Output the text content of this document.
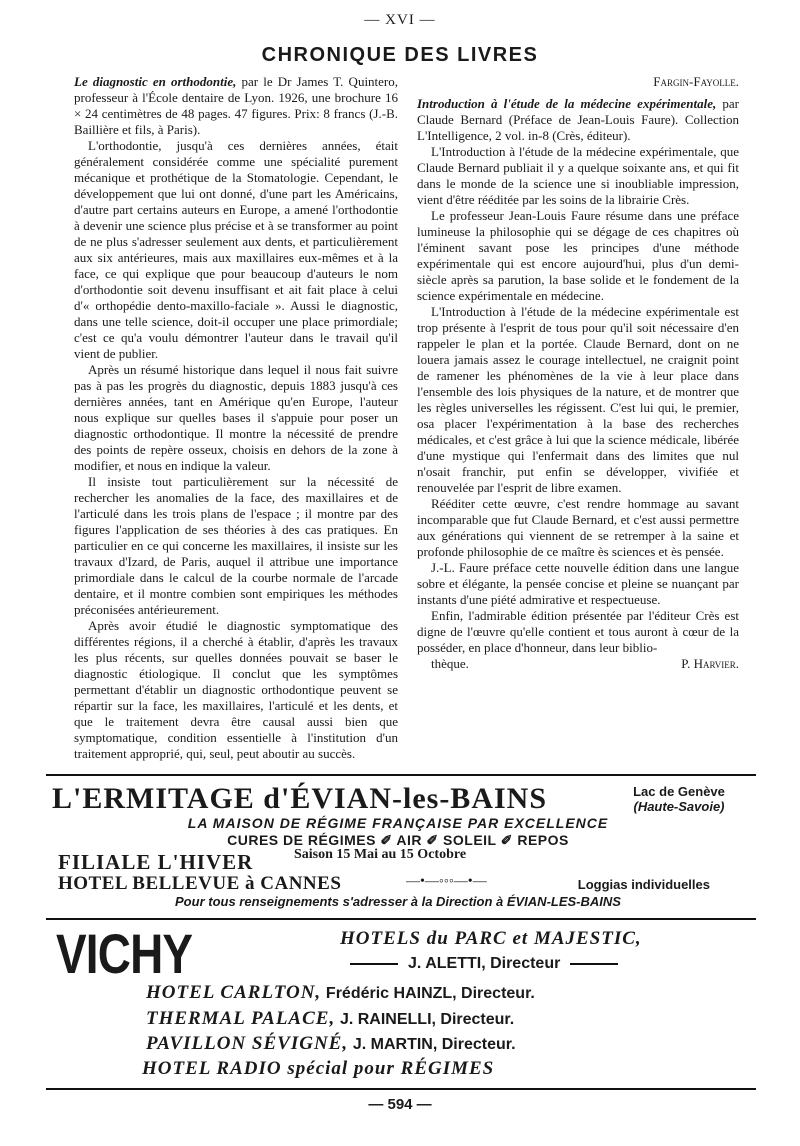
— XVI —
CHRONIQUE DES LIVRES

Le diagnostic en orthodontie, par le Dr James T. Quintero, professeur à l'École dentaire de Lyon. 1926, une brochure 16 × 24 centimètres de 48 pages. 47 figures. Prix: 8 francs (J.-B. Baillière et fils, à Paris).

L'orthodontie, jusqu'à ces dernières années, était généralement considérée comme une spécialité purement mécanique et prothétique de la Stomatologie. Cependant, le développement que lui ont donné, d'une part les Américains, d'autre part certains auteurs en Europe, a amené l'orthodontie à devenir une science plus précise et à se transformer au point de ne plus s'adresser seulement aux dents, et particulièrement aux six antérieures, mais aux maxillaires eux-mêmes et à la face, ce qui explique que pour beaucoup d'auteurs le nom d'orthodontie soit devenu insuffisant et ait fait place à celui d'« orthopédie dento-maxillo-faciale ». Aussi le diagnostic, dans une telle science, doit-il occuper une place primordiale; c'est ce qu'a voulu démontrer l'auteur dans le travail qu'il vient de publier.

Après un résumé historique dans lequel il nous fait suivre pas à pas les progrès du diagnostic, depuis 1883 jusqu'à ces dernières années, tant en Amérique qu'en Europe, l'auteur nous explique sur quelles bases il s'appuie pour poser un diagnostic orthodontique. Il montre la nécessité de prendre des points de repère osseux, choisis en dehors de la zone à modifier, et nous en indique la valeur.

Il insiste tout particulièrement sur la nécessité de rechercher les anomalies de la face, des maxillaires et de l'articulé dans les trois plans de l'espace ; il montre par des figures l'application de ses théories à des cas pratiques. En particulier en ce qui concerne les maxillaires, il insiste sur les travaux d'Izard, de Paris, auquel il attribue une importance primordiale dans le calcul de la courbe normale de l'arcade dentaire, et il montre combien sont empiriques les méthodes préconisées antérieurement.

Après avoir étudié le diagnostic symptomatique des différentes régions, il a cherché à établir, d'après les travaux les plus récents, sur quelles données pouvait se baser le diagnostic étiologique. Il conclut que les symptômes permettant d'établir un diagnostic orthodontique peuvent se répartir sur la face, les maxillaires, l'articulé et les dents, et que le traitement devra être causal aussi bien que symptomatique, condition essentielle à l'institution d'un traitement approprié, qui, seul, peut aboutir au succès.

Fargin-Fayolle.

Introduction à l'étude de la médecine expérimentale, par Claude Bernard (Préface de Jean-Louis Faure). Collection L'Intelligence, 2 vol. in-8 (Crès, éditeur).

L'Introduction à l'étude de la médecine expérimentale, que Claude Bernard publiait il y a quelque soixante ans, et qui fit dans le monde de la science une si inoubliable impression, vient d'être rééditée par les soins de la librairie Crès.

Le professeur Jean-Louis Faure résume dans une préface lumineuse la philosophie qui se dégage de ces chapitres où l'éminent savant pose les principes d'une méthode expérimentale qui est encore aujourd'hui, plus d'un demi-siècle après sa parution, la base solide et le fondement de la science expérimentale en médecine.

L'Introduction à l'étude de la médecine expérimentale est trop présente à l'esprit de tous pour qu'il soit nécessaire d'en rappeler le plan et la portée. Claude Bernard, dont on ne louera jamais assez le courage intellectuel, ne craignit point de ramener les phénomènes de la vie à leur place dans l'ensemble des lois physiques de la nature, et de montrer que les règles universelles les régissent. C'est lui qui, le premier, osa placer l'expérimentation à la base des recherches médicales, et c'est grâce à lui que la science médicale, libérée d'une mystique qui l'enfermait dans des limites que nul n'osait franchir, put enfin se développer, vivifiée et renouvelée par l'esprit de libre examen.

Rééditer cette œuvre, c'est rendre hommage au savant incomparable que fut Claude Bernard, et c'est aussi permettre aux générations qui viennent de se retremper à la saine et profonde philosophie de ce maître ès sciences et ès pensée.

J.-L. Faure préface cette nouvelle édition dans une langue sobre et élégante, la pensée concise et pleine se nuançant par instants d'une piété admirative et respectueuse.

Enfin, l'admirable édition présentée par l'éditeur Crès est digne de l'œuvre qu'elle contient et tous auront à cœur de la posséder, en place d'honneur, dans leur biblio-

thèque.	P. Harvier.

L'ERMITAGE d'ÉVIAN-les-BAINS	Lac de Genève
(Haute-Savoie)
LA MAISON DE RÉGIME FRANÇAISE PAR EXCELLENCE
CURES DE RÉGIMES ✐ AIR ✐ SOLEIL ✐ REPOS
FILIALE L'HIVER	Saison 15 Mai au 15 Octobre
HOTEL BELLEVUE à CANNES	—•—◦◦◦—•—	Loggias individuelles
Pour tous renseignements s'adresser à la Direction à ÉVIAN-LES-BAINS
VICHY	HOTELS du PARC et MAJESTIC,
J. ALETTI, Directeur
HOTEL CARLTON, Frédéric HAINZL, Directeur.
THERMAL PALACE, J. RAINELLI, Directeur.
PAVILLON SÉVIGNÉ, J. MARTIN, Directeur.
HOTEL RADIO spécial pour RÉGIMES
— 594 —
